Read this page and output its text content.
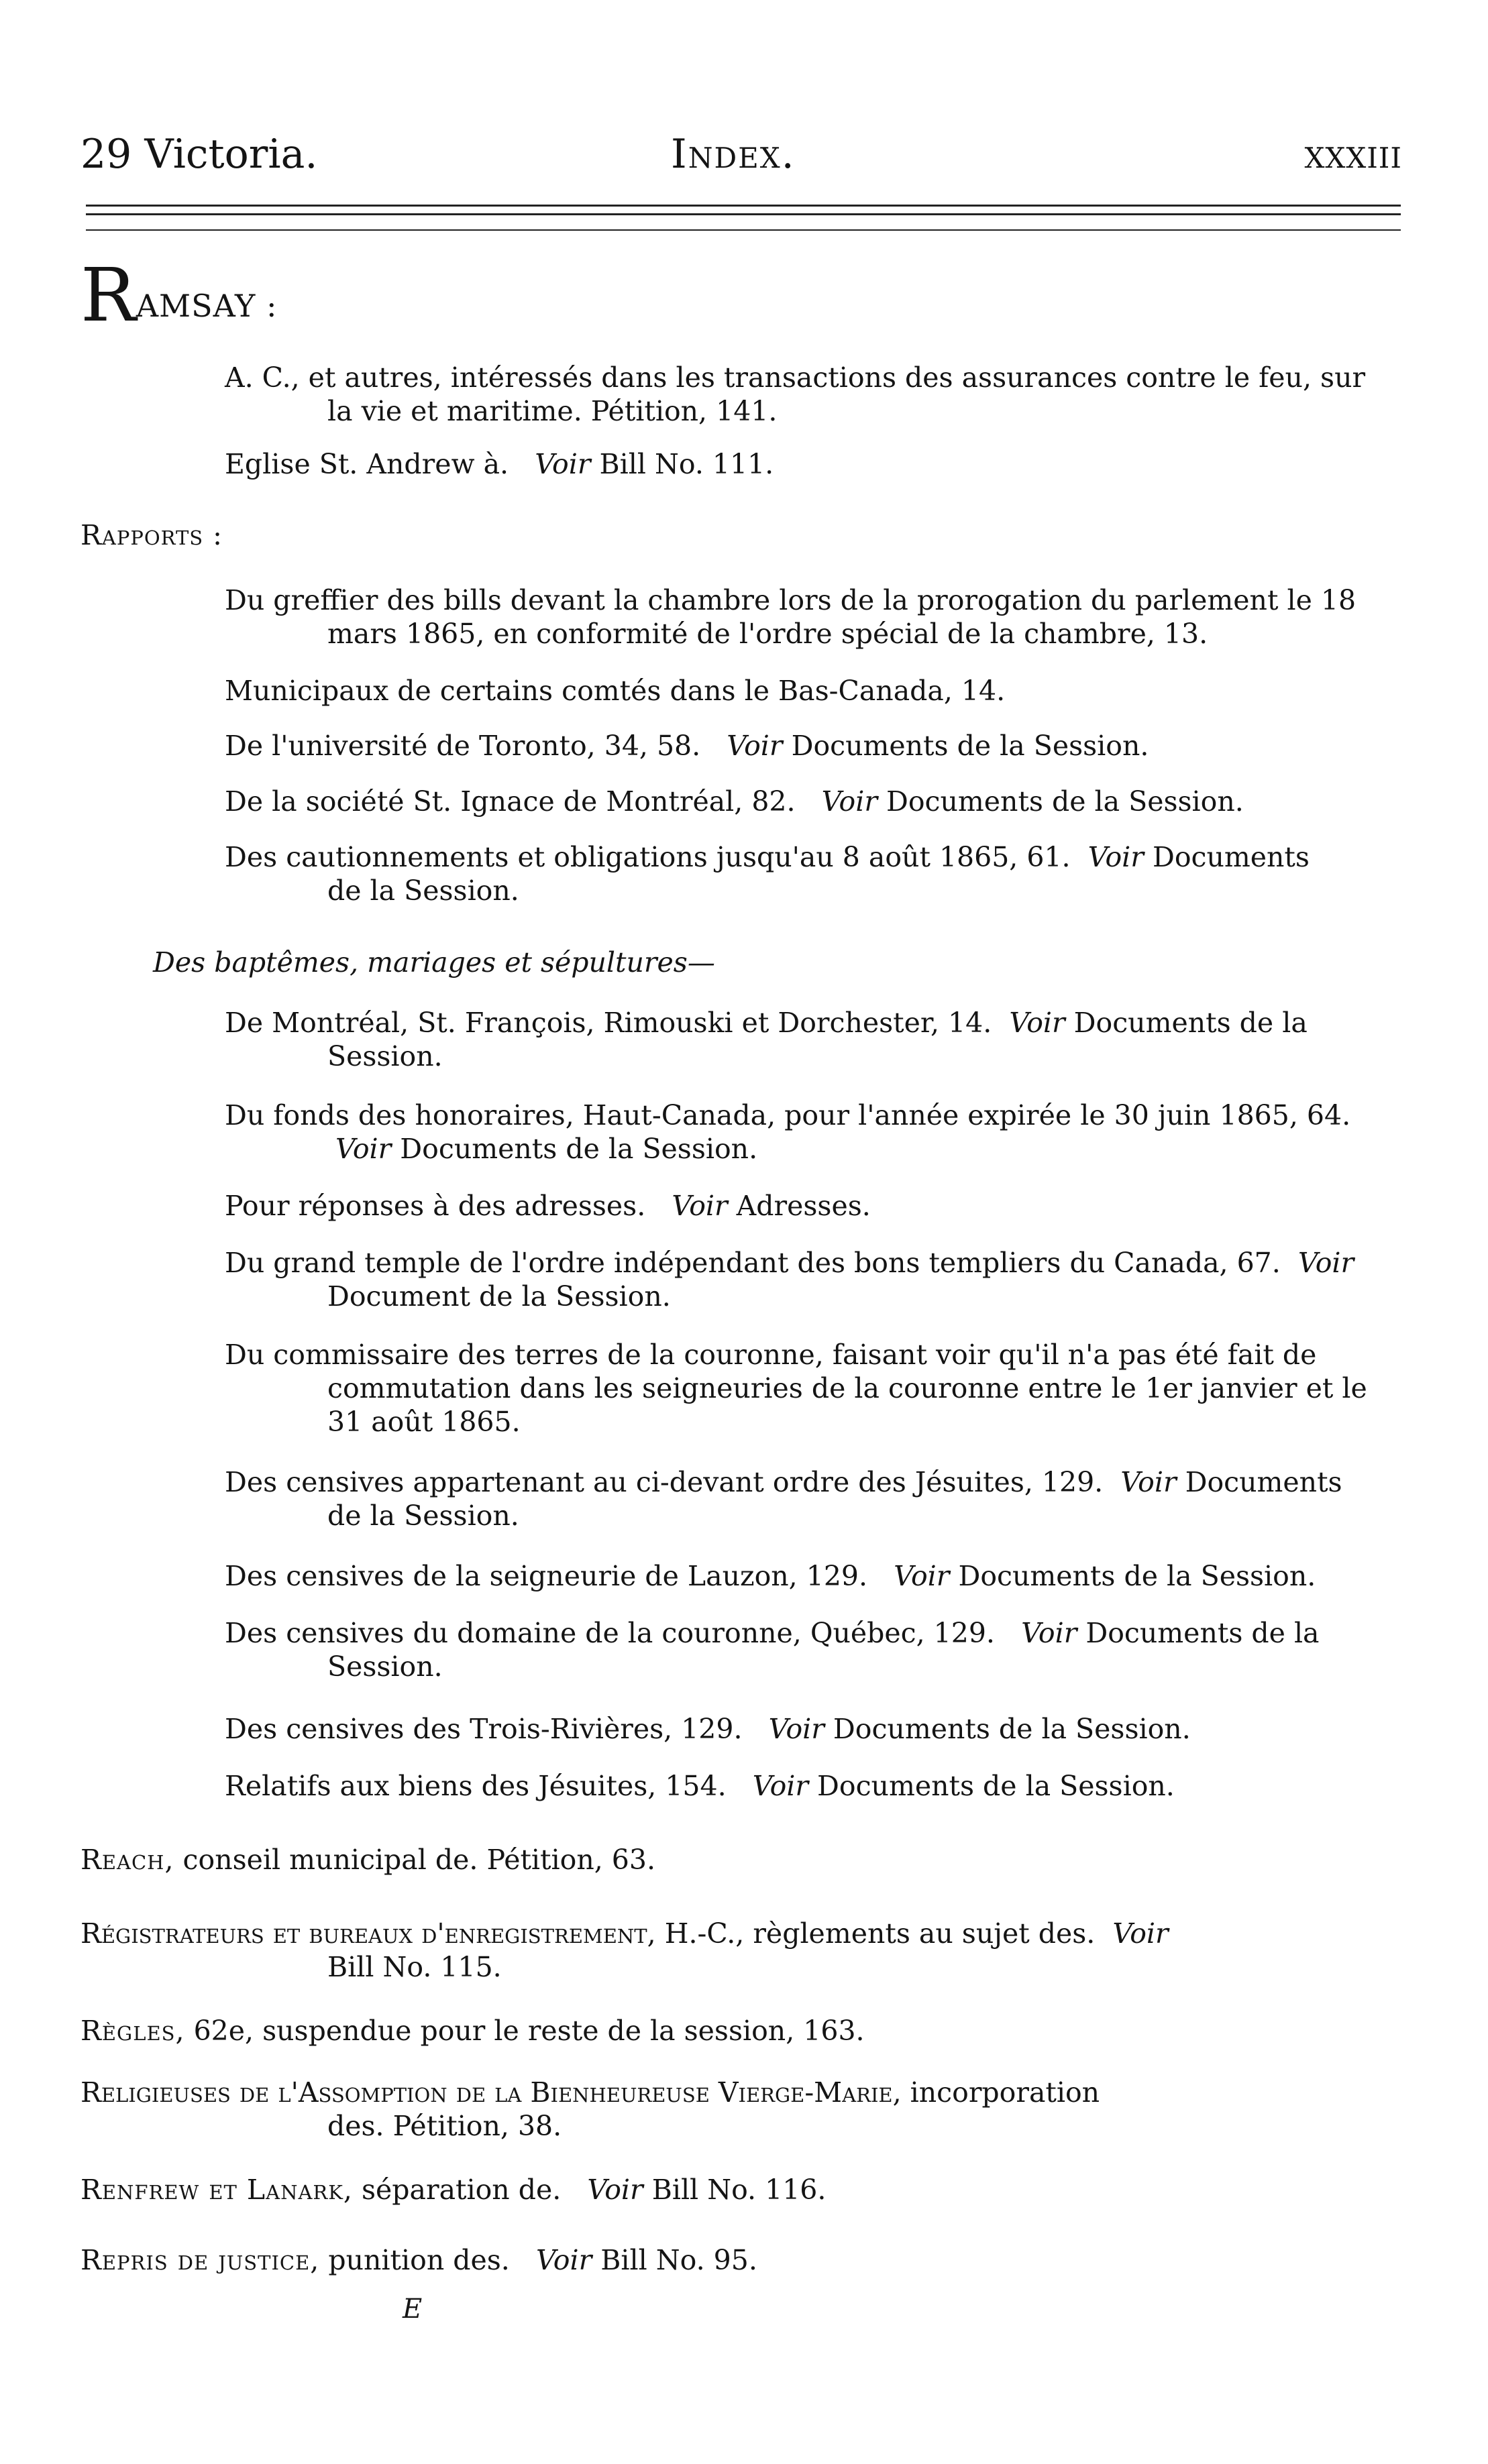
29 Victoria.	Index.	xxxiii
RAMSAY :
A. C., et autres, intéressés dans les transactions des assurances contre le feu, sur
la vie et maritime. Pétition, 141.
Eglise St. Andrew à. Voir Bill No. 111.
Rapports :
Du greffier des bills devant la chambre lors de la prorogation du parlement le 18
mars 1865, en conformité de l'ordre spécial de la chambre, 13.
Municipaux de certains comtés dans le Bas-Canada, 14.
De l'université de Toronto, 34, 58. Voir Documents de la Session.
De la société St. Ignace de Montréal, 82. Voir Documents de la Session.
Des cautionnements et obligations jusqu'au 8 août 1865, 61. Voir Documents
de la Session.
Des baptêmes, mariages et sépultures—
De Montréal, St. François, Rimouski et Dorchester, 14. Voir Documents de la
Session.
Du fonds des honoraires, Haut-Canada, pour l'année expirée le 30 juin 1865, 64.
Voir Documents de la Session.
Pour réponses à des adresses. Voir Adresses.
Du grand temple de l'ordre indépendant des bons templiers du Canada, 67. Voir
Document de la Session.
Du commissaire des terres de la couronne, faisant voir qu'il n'a pas été fait de
commutation dans les seigneuries de la couronne entre le 1er janvier et le
31 août 1865.
Des censives appartenant au ci-devant ordre des Jésuites, 129. Voir Documents
de la Session.
Des censives de la seigneurie de Lauzon, 129. Voir Documents de la Session.
Des censives du domaine de la couronne, Québec, 129. Voir Documents de la
Session.
Des censives des Trois-Rivières, 129. Voir Documents de la Session.
Relatifs aux biens des Jésuites, 154. Voir Documents de la Session.
Reach, conseil municipal de. Pétition, 63.
Régistrateurs et bureaux d'enregistrement, H.-C., règlements au sujet des. Voir
Bill No. 115.
Règles, 62e, suspendue pour le reste de la session, 163.
Religieuses de l'Assomption de la Bienheureuse Vierge-Marie, incorporation
des. Pétition, 38.
Renfrew et Lanark, séparation de. Voir Bill No. 116.
Repris de justice, punition des. Voir Bill No. 95.
E
